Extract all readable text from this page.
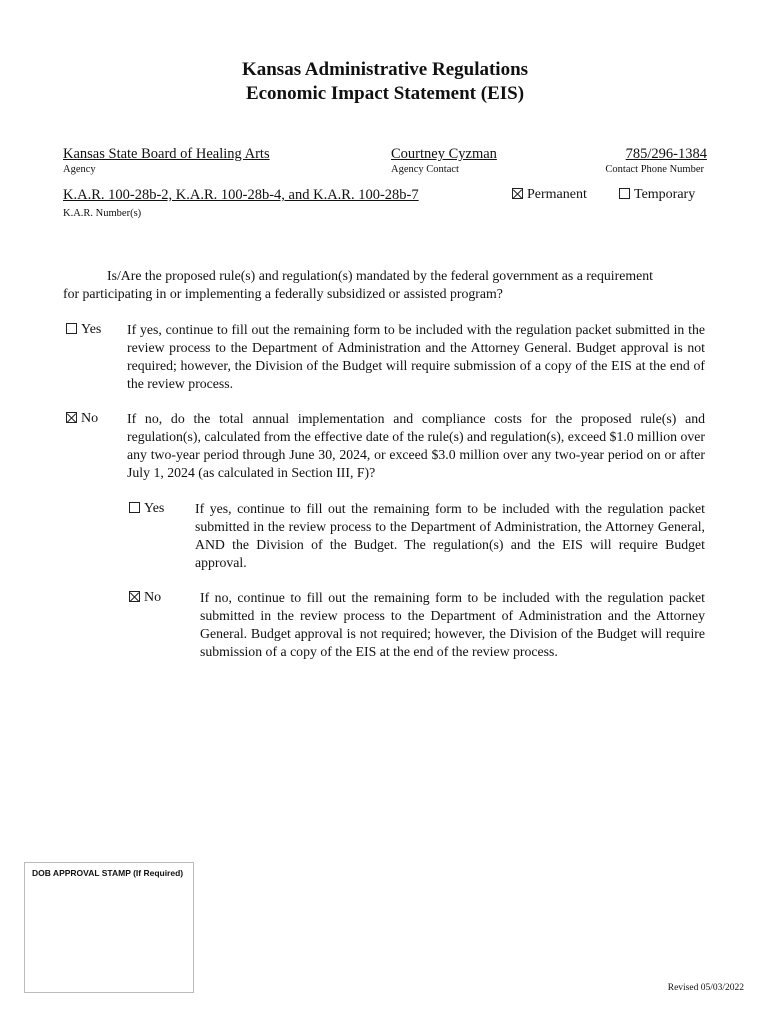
Kansas Administrative Regulations
Economic Impact Statement (EIS)
Kansas State Board of Healing Arts
Agency
Courtney Cyzman
Agency Contact
785/296-1384
Contact Phone Number
K.A.R. 100-28b-2, K.A.R. 100-28b-4, and K.A.R. 100-28b-7
K.A.R. Number(s)
Permanent	Temporary
Is/Are the proposed rule(s) and regulation(s) mandated by the federal government as a requirement
for participating in or implementing a federally subsidized or assisted program?
Yes If yes, continue to fill out the remaining form to be included with the regulation packet submitted in the review process to the Department of Administration and the Attorney General. Budget approval is not required; however, the Division of the Budget will require submission of a copy of the EIS at the end of the review process.
No If no, do the total annual implementation and compliance costs for the proposed rule(s) and regulation(s), calculated from the effective date of the rule(s) and regulation(s), exceed $1.0 million over any two-year period through June 30, 2024, or exceed $3.0 million over any two-year period on or after July 1, 2024 (as calculated in Section III, F)?
Yes If yes, continue to fill out the remaining form to be included with the regulation packet submitted in the review process to the Department of Administration, the Attorney General, AND the Division of the Budget. The regulation(s) and the EIS will require Budget approval.
No	If no, continue to fill out the remaining form to be included with the regulation packet submitted in the review process to the Department of Administration and the Attorney General. Budget approval is not required; however, the Division of the Budget will require submission of a copy of the EIS at the end of the review process.
DOB APPROVAL STAMP (If Required)
Revised 05/03/2022
